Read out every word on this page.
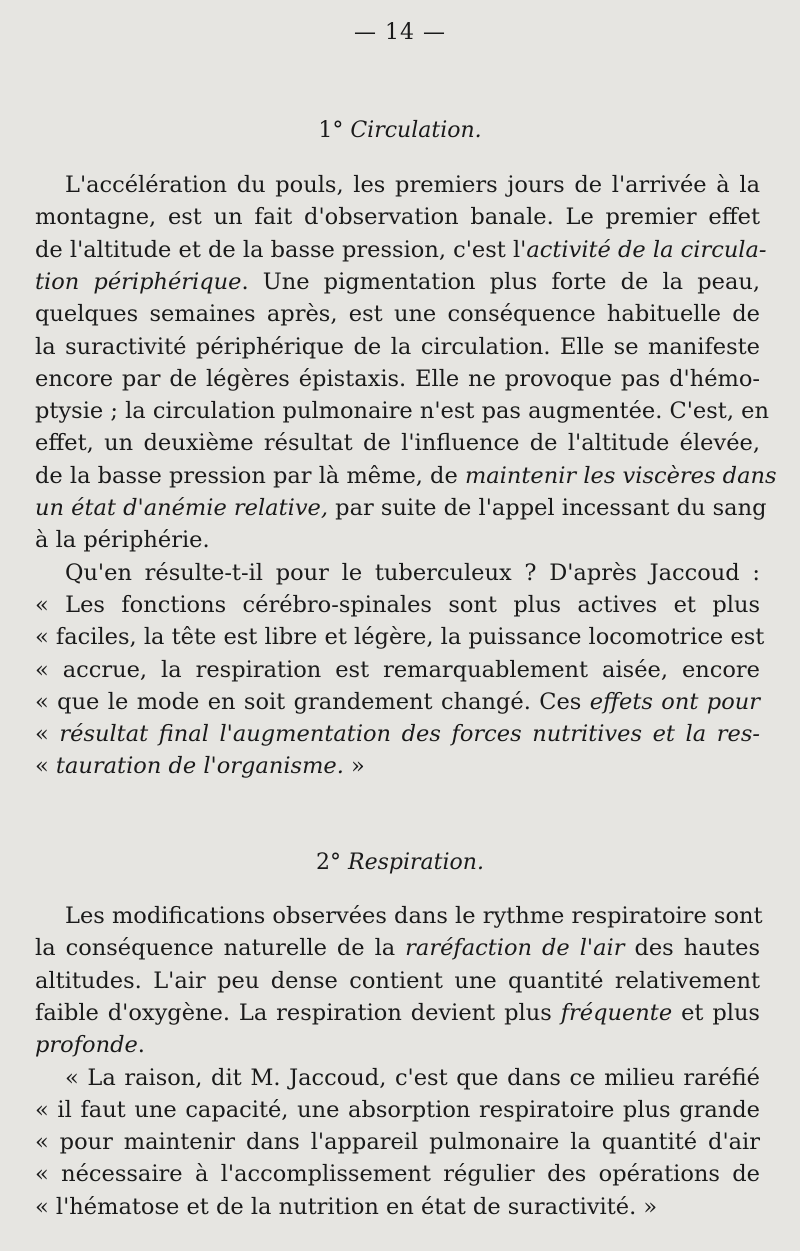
— 14 —
1° Circulation.
L'accélération du pouls, les premiers jours de l'arrivée à la
montagne, est un fait d'observation banale. Le premier effet
de l'altitude et de la basse pression, c'est l'activité de la circula-
tion périphérique. Une pigmentation plus forte de la peau,
quelques semaines après, est une conséquence habituelle de
la suractivité périphérique de la circulation. Elle se manifeste
encore par de légères épistaxis. Elle ne provoque pas d'hémo-
ptysie ; la circulation pulmonaire n'est pas augmentée. C'est, en
effet, un deuxième résultat de l'influence de l'altitude élevée,
de la basse pression par là même, de maintenir les viscères dans
un état d'anémie relative, par suite de l'appel incessant du sang
à la périphérie.
Qu'en résulte-t-il pour le tuberculeux ? D'après Jaccoud :
« Les fonctions cérébro-spinales sont plus actives et plus
« faciles, la tête est libre et légère, la puissance locomotrice est
« accrue, la respiration est remarquablement aisée, encore
« que le mode en soit grandement changé. Ces effets ont pour
« résultat final l'augmentation des forces nutritives et la res-
« tauration de l'organisme. »
2° Respiration.
Les modifications observées dans le rythme respiratoire sont
la conséquence naturelle de la raréfaction de l'air des hautes
altitudes. L'air peu dense contient une quantité relativement
faible d'oxygène. La respiration devient plus fréquente et plus
profonde.
« La raison, dit M. Jaccoud, c'est que dans ce milieu raréfié
« il faut une capacité, une absorption respiratoire plus grande
« pour maintenir dans l'appareil pulmonaire la quantité d'air
« nécessaire à l'accomplissement régulier des opérations de
« l'hématose et de la nutrition en état de suractivité. »
